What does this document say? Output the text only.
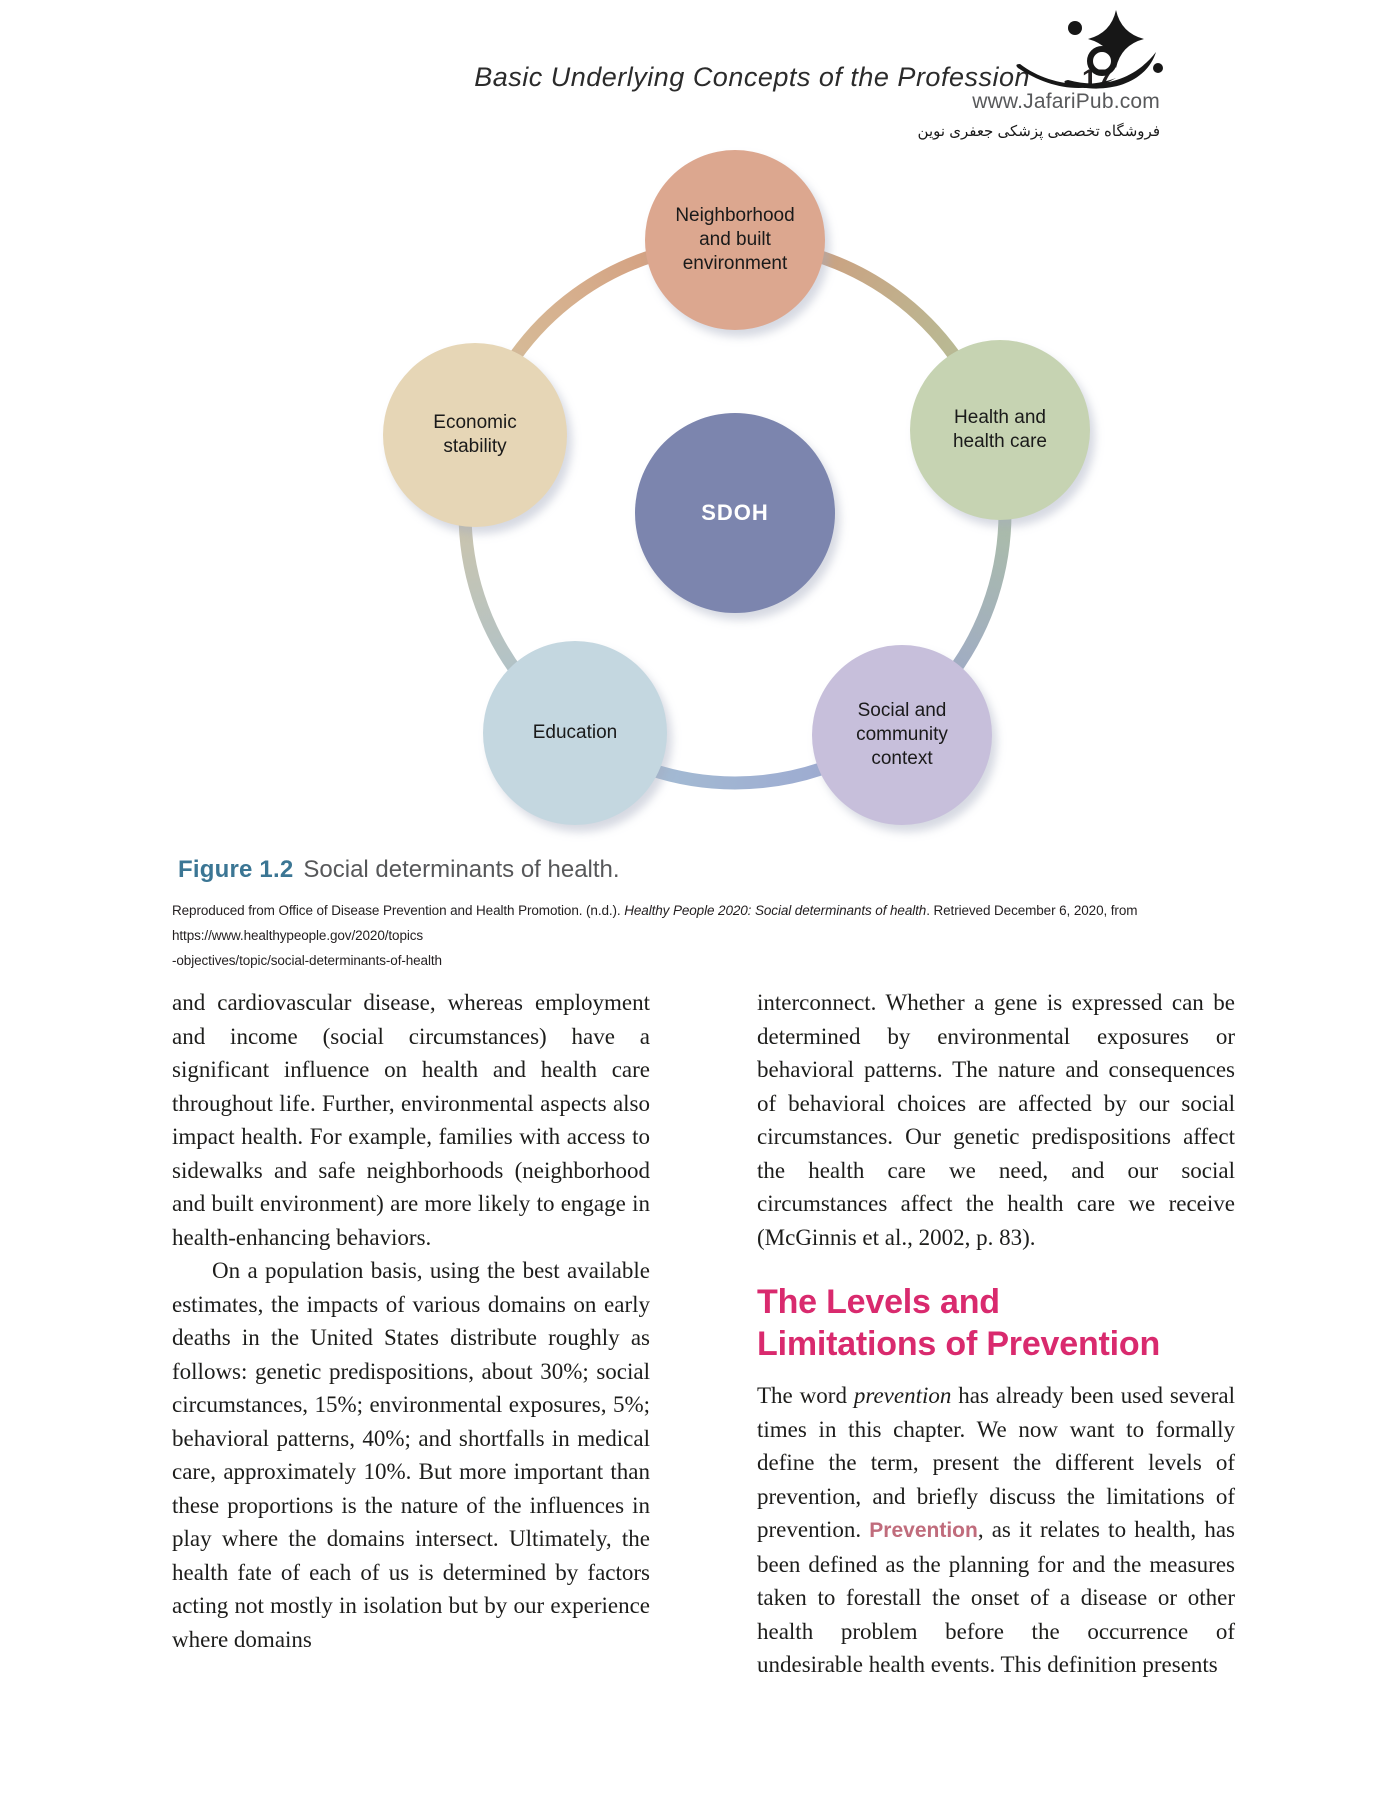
Basic Underlying Concepts of the Profession 17
www.JafariPub.com
فروشگاه تخصصی پزشکی جعفری نوین
Neighborhood and built environment
Economic stability
Health and health care
Education
Social and community context
SDOH
Figure 1.2 Social determinants of health.
Reproduced from Office of Disease Prevention and Health Promotion. (n.d.). Healthy People 2020: Social determinants of health. Retrieved December 6, 2020, from https://www.healthypeople.gov/2020/topics
-objectives/topic/social-determinants-of-health

and cardiovascular disease, whereas employment and income (social circumstances) have a significant influence on health and health care throughout life. Further, environmental aspects also impact health. For example, families with access to sidewalks and safe neighborhoods (neighborhood and built environment) are more likely to engage in health-enhancing behaviors.

On a population basis, using the best available estimates, the impacts of various domains on early deaths in the United States distribute roughly as follows: genetic predispositions, about 30%; social circumstances, 15%; environmental exposures, 5%; behavioral patterns, 40%; and shortfalls in medical care, approximately 10%. But more important than these proportions is the nature of the influences in play where the domains intersect. Ultimately, the health fate of each of us is determined by factors acting not mostly in isolation but by our experience where domains

interconnect. Whether a gene is expressed can be determined by environmental exposures or behavioral patterns. The nature and consequences of behavioral choices are affected by our social circumstances. Our genetic predispositions affect the health care we need, and our social circumstances affect the health care we receive (McGinnis et al., 2002, p. 83).

The Levels and
Limitations of Prevention

The word prevention has already been used several times in this chapter. We now want to formally define the term, present the different levels of prevention, and briefly discuss the limitations of prevention. Prevention, as it relates to health, has been defined as the planning for and the measures taken to forestall the onset of a disease or other health problem before the occurrence of undesirable health events. This definition presents
